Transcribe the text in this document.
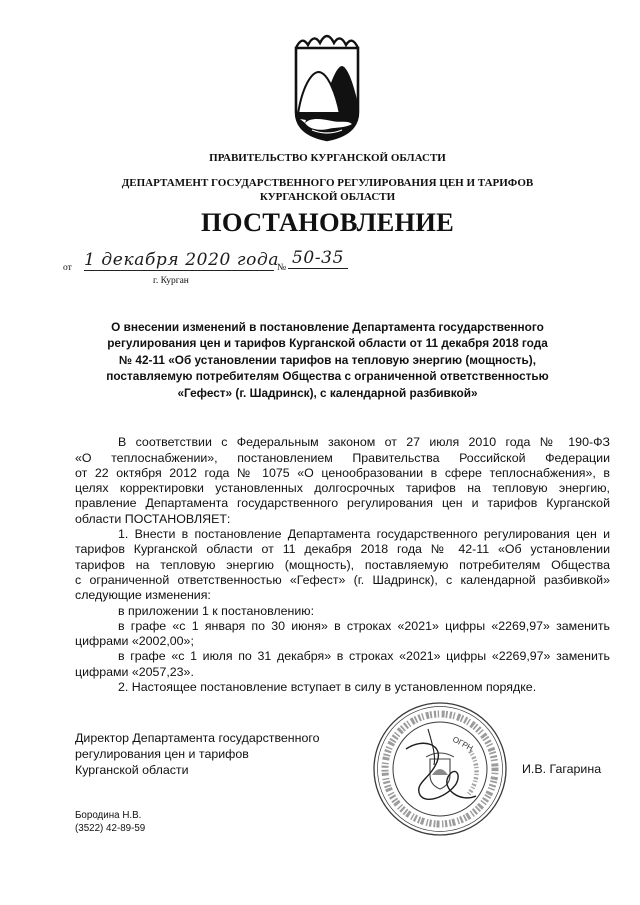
ПРАВИТЕЛЬСТВО КУРГАНСКОЙ ОБЛАСТИ
ДЕПАРТАМЕНТ ГОСУДАРСТВЕННОГО РЕГУЛИРОВАНИЯ ЦЕН И ТАРИФОВ
КУРГАНСКОЙ ОБЛАСТИ
ПОСТАНОВЛЕНИЕ
от 1 декабря 2020 года
№ 50-35
г. Курган
О внесении изменений в постановление Департамента государственного
регулирования цен и тарифов Курганской области от 11 декабря 2018 года
№ 42-11 «Об установлении тарифов на тепловую энергию (мощность),
поставляемую потребителям Общества с ограниченной ответственностью
«Гефест» (г. Шадринск), с календарной разбивкой»
В соответствии с Федеральным законом от 27 июля 2010 года № 190-ФЗ
«О теплоснабжении», постановлением Правительства Российской Федерации
от 22 октября 2012 года № 1075 «О ценообразовании в сфере теплоснабжения», в
целях корректировки установленных долгосрочных тарифов на тепловую энергию,
правление Департамента государственного регулирования цен и тарифов Курганской
области ПОСТАНОВЛЯЕТ:
1. Внести в постановление Департамента государственного регулирования цен и
тарифов Курганской области от 11 декабря 2018 года № 42-11 «Об установлении
тарифов на тепловую энергию (мощность), поставляемую потребителям Общества
с ограниченной ответственностью «Гефест» (г. Шадринск), с календарной разбивкой»
следующие изменения:
в приложении 1 к постановлению:
в графе «с 1 января по 30 июня» в строках «2021» цифры «2269,97» заменить
цифрами «2002,00»;
в графе «с 1 июля по 31 декабря» в строках «2021» цифры «2269,97» заменить
цифрами «2057,23».
2. Настоящее постановление вступает в силу в установленном порядке.
Директор Департамента государственного
регулирования цен и тарифов
Курганской области
ОГРН
И.В. Гагарина
Бородина Н.В.
(3522) 42-89-59
